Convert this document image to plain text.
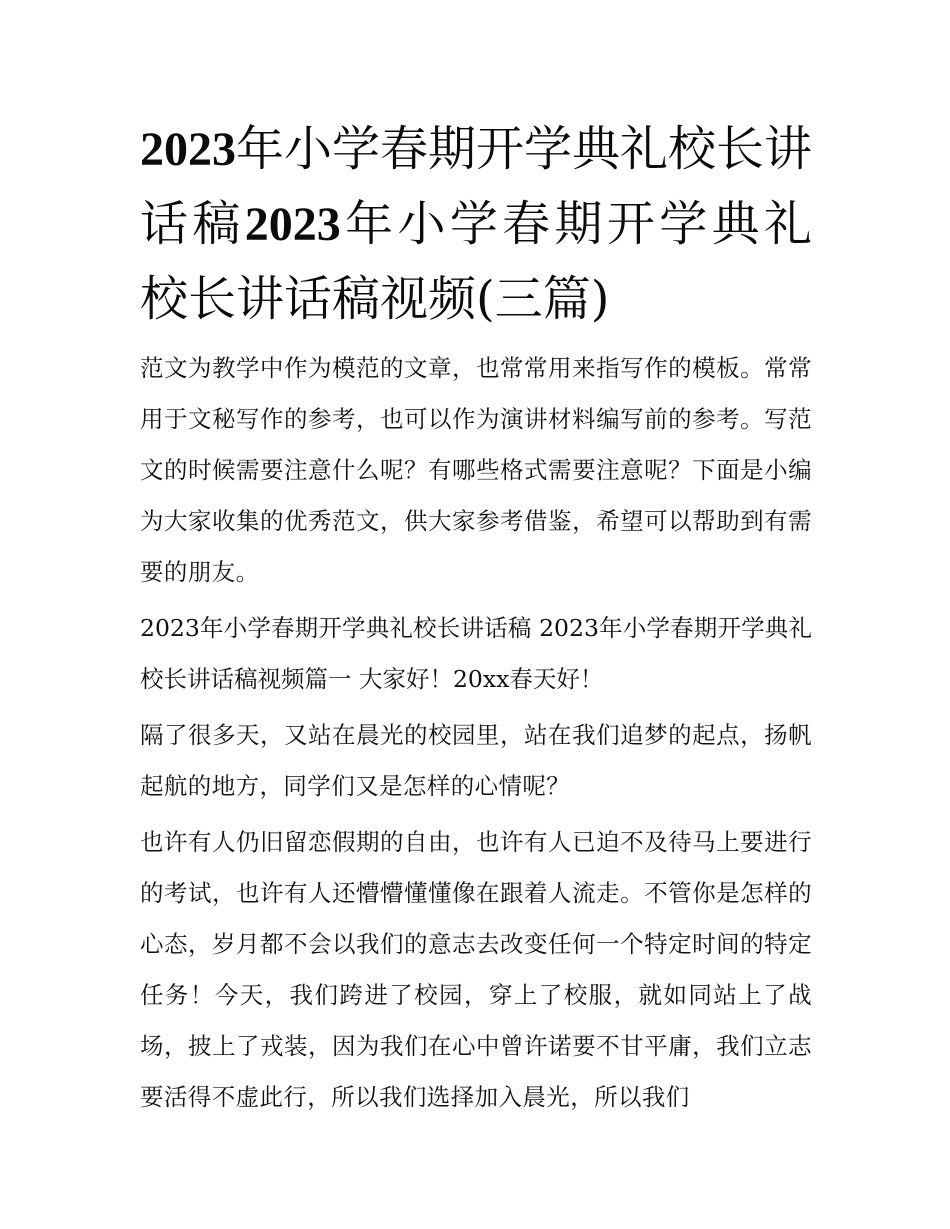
2023年小学春期开学典礼校长讲话稿2023年小学春期开学典礼校长讲话稿视频(三篇)

范文为教学中作为模范的文章，也常常用来指写作的模板。常常用于文秘写作的参考，也可以作为演讲材料编写前的参考。写范文的时候需要注意什么呢？有哪些格式需要注意呢？下面是小编为大家收集的优秀范文，供大家参考借鉴，希望可以帮助到有需要的朋友。

2023年小学春期开学典礼校长讲话稿 2023年小学春期开学典礼校长讲话稿视频篇一 大家好！20xx春天好！

隔了很多天，又站在晨光的校园里，站在我们追梦的起点，扬帆起航的地方，同学们又是怎样的心情呢？

也许有人仍旧留恋假期的自由，也许有人已迫不及待马上要进行的考试，也许有人还懵懵懂懂像在跟着人流走。不管你是怎样的心态，岁月都不会以我们的意志去改变任何一个特定时间的特定任务！今天，我们跨进了校园，穿上了校服，就如同站上了战场，披上了戎装，因为我们在心中曾许诺要不甘平庸，我们立志要活得不虚此行，所以我们选择加入晨光，所以我们
